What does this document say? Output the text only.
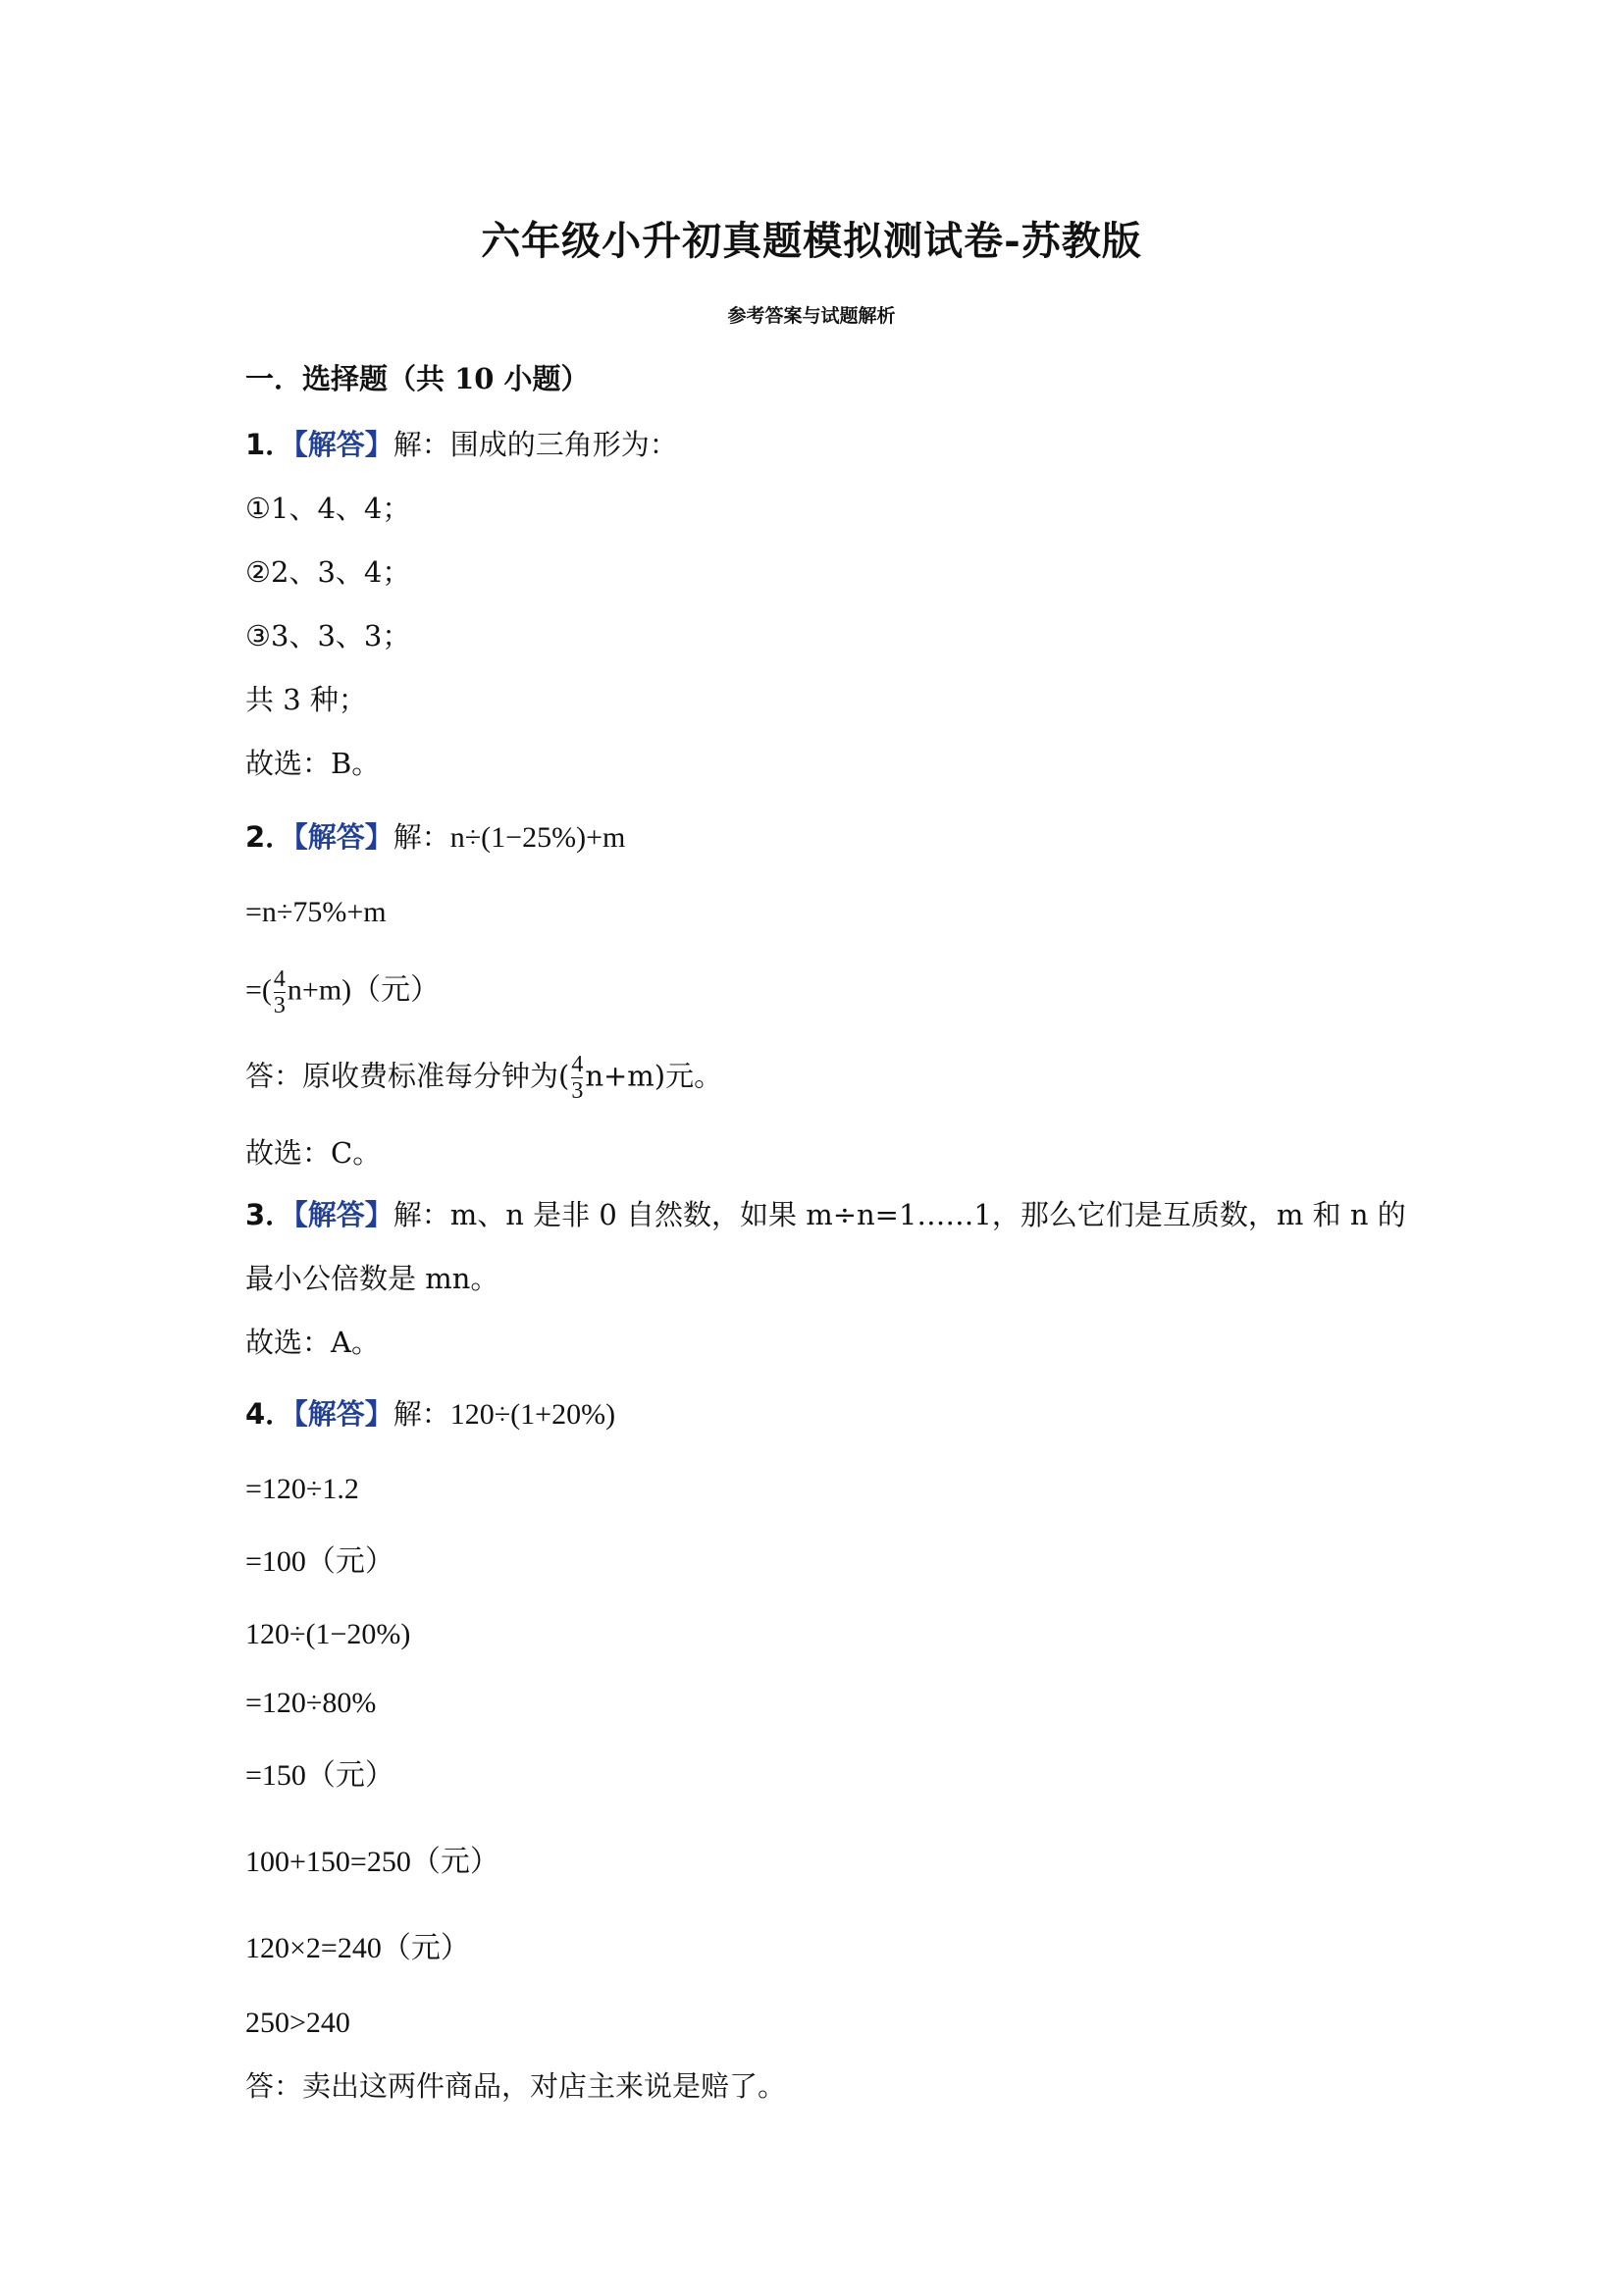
六年级小升初真题模拟测试卷-苏教版
参考答案与试题解析
一．选择题（共 10 小题）
1．【解答】解：围成的三角形为：
①1、4、4；
②2、3、4；
③3、3、3；
共 3 种；
故选：B。
2．【解答】解：n÷(1−25%)+m
=n÷75%+m
=( $\frac{4}{3} n+m$)（元）
答：原收费标准每分钟为( $\frac{4}{3} n+m$)元。
故选：C。
3．【解答】解：m、n 是非 0 自然数，如果 m÷n=1……1，那么它们是互质数，m 和 n 的
最小公倍数是 mn。
故选：A。
4．【解答】解：120÷(1+20%)
=120÷1.2
=100（元）
120÷(1−20%)
=120÷80%
=150（元）
100+150=250（元）
120×2=240（元）
250>240
答：卖出这两件商品，对店主来说是赔了。
